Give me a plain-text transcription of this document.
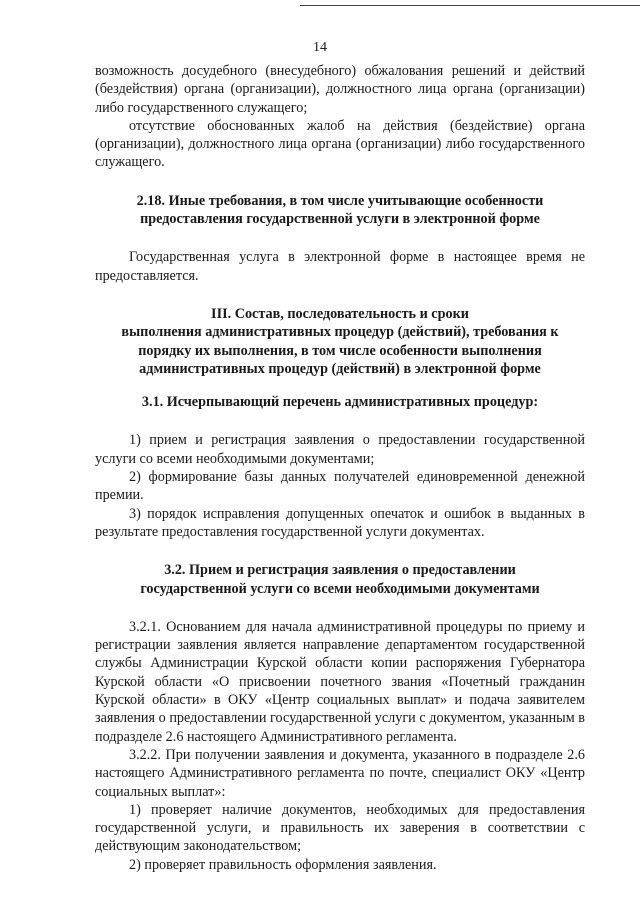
14

возможность досудебного (внесудебного) обжалования решений и действий (бездействия) органа (организации), должностного лица органа (организации) либо государственного служащего;

отсутствие обоснованных жалоб на действия (бездействие) органа (организации), должностного лица органа (организации) либо государственного служащего.

2.18. Иные требования, в том числе учитывающие особенности
предоставления государственной услуги в электронной форме

Государственная услуга в электронной форме в настоящее время не предоставляется.

III. Состав, последовательность и сроки
выполнения административных процедур (действий), требования к
порядку их выполнения, в том числе особенности выполнения
административных процедур (действий) в электронной форме
3.1. Исчерпывающий перечень административных процедур:

1) прием и регистрация заявления о предоставлении государственной услуги со всеми необходимыми документами;

2) формирование базы данных получателей единовременной денежной премии.

3) порядок исправления допущенных опечаток и ошибок в выданных в результате предоставления государственной услуги документах.

3.2. Прием и регистрация заявления о предоставлении
государственной услуги со всеми необходимыми документами

3.2.1. Основанием для начала административной процедуры по приему и регистрации заявления является направление департаментом государственной службы Администрации Курской области копии распоряжения Губернатора Курской области «О присвоении почетного звания «Почетный гражданин Курской области» в ОКУ «Центр социальных выплат» и подача заявителем заявления о предоставлении государственной услуги с документом, указанным в подразделе 2.6 настоящего Административного регламента.

3.2.2. При получении заявления и документа, указанного в подразделе 2.6 настоящего Административного регламента по почте, специалист ОКУ «Центр социальных выплат»:

1) проверяет наличие документов, необходимых для предоставления государственной услуги, и правильность их заверения в соответствии с действующим законодательством;

2) проверяет правильность оформления заявления.
